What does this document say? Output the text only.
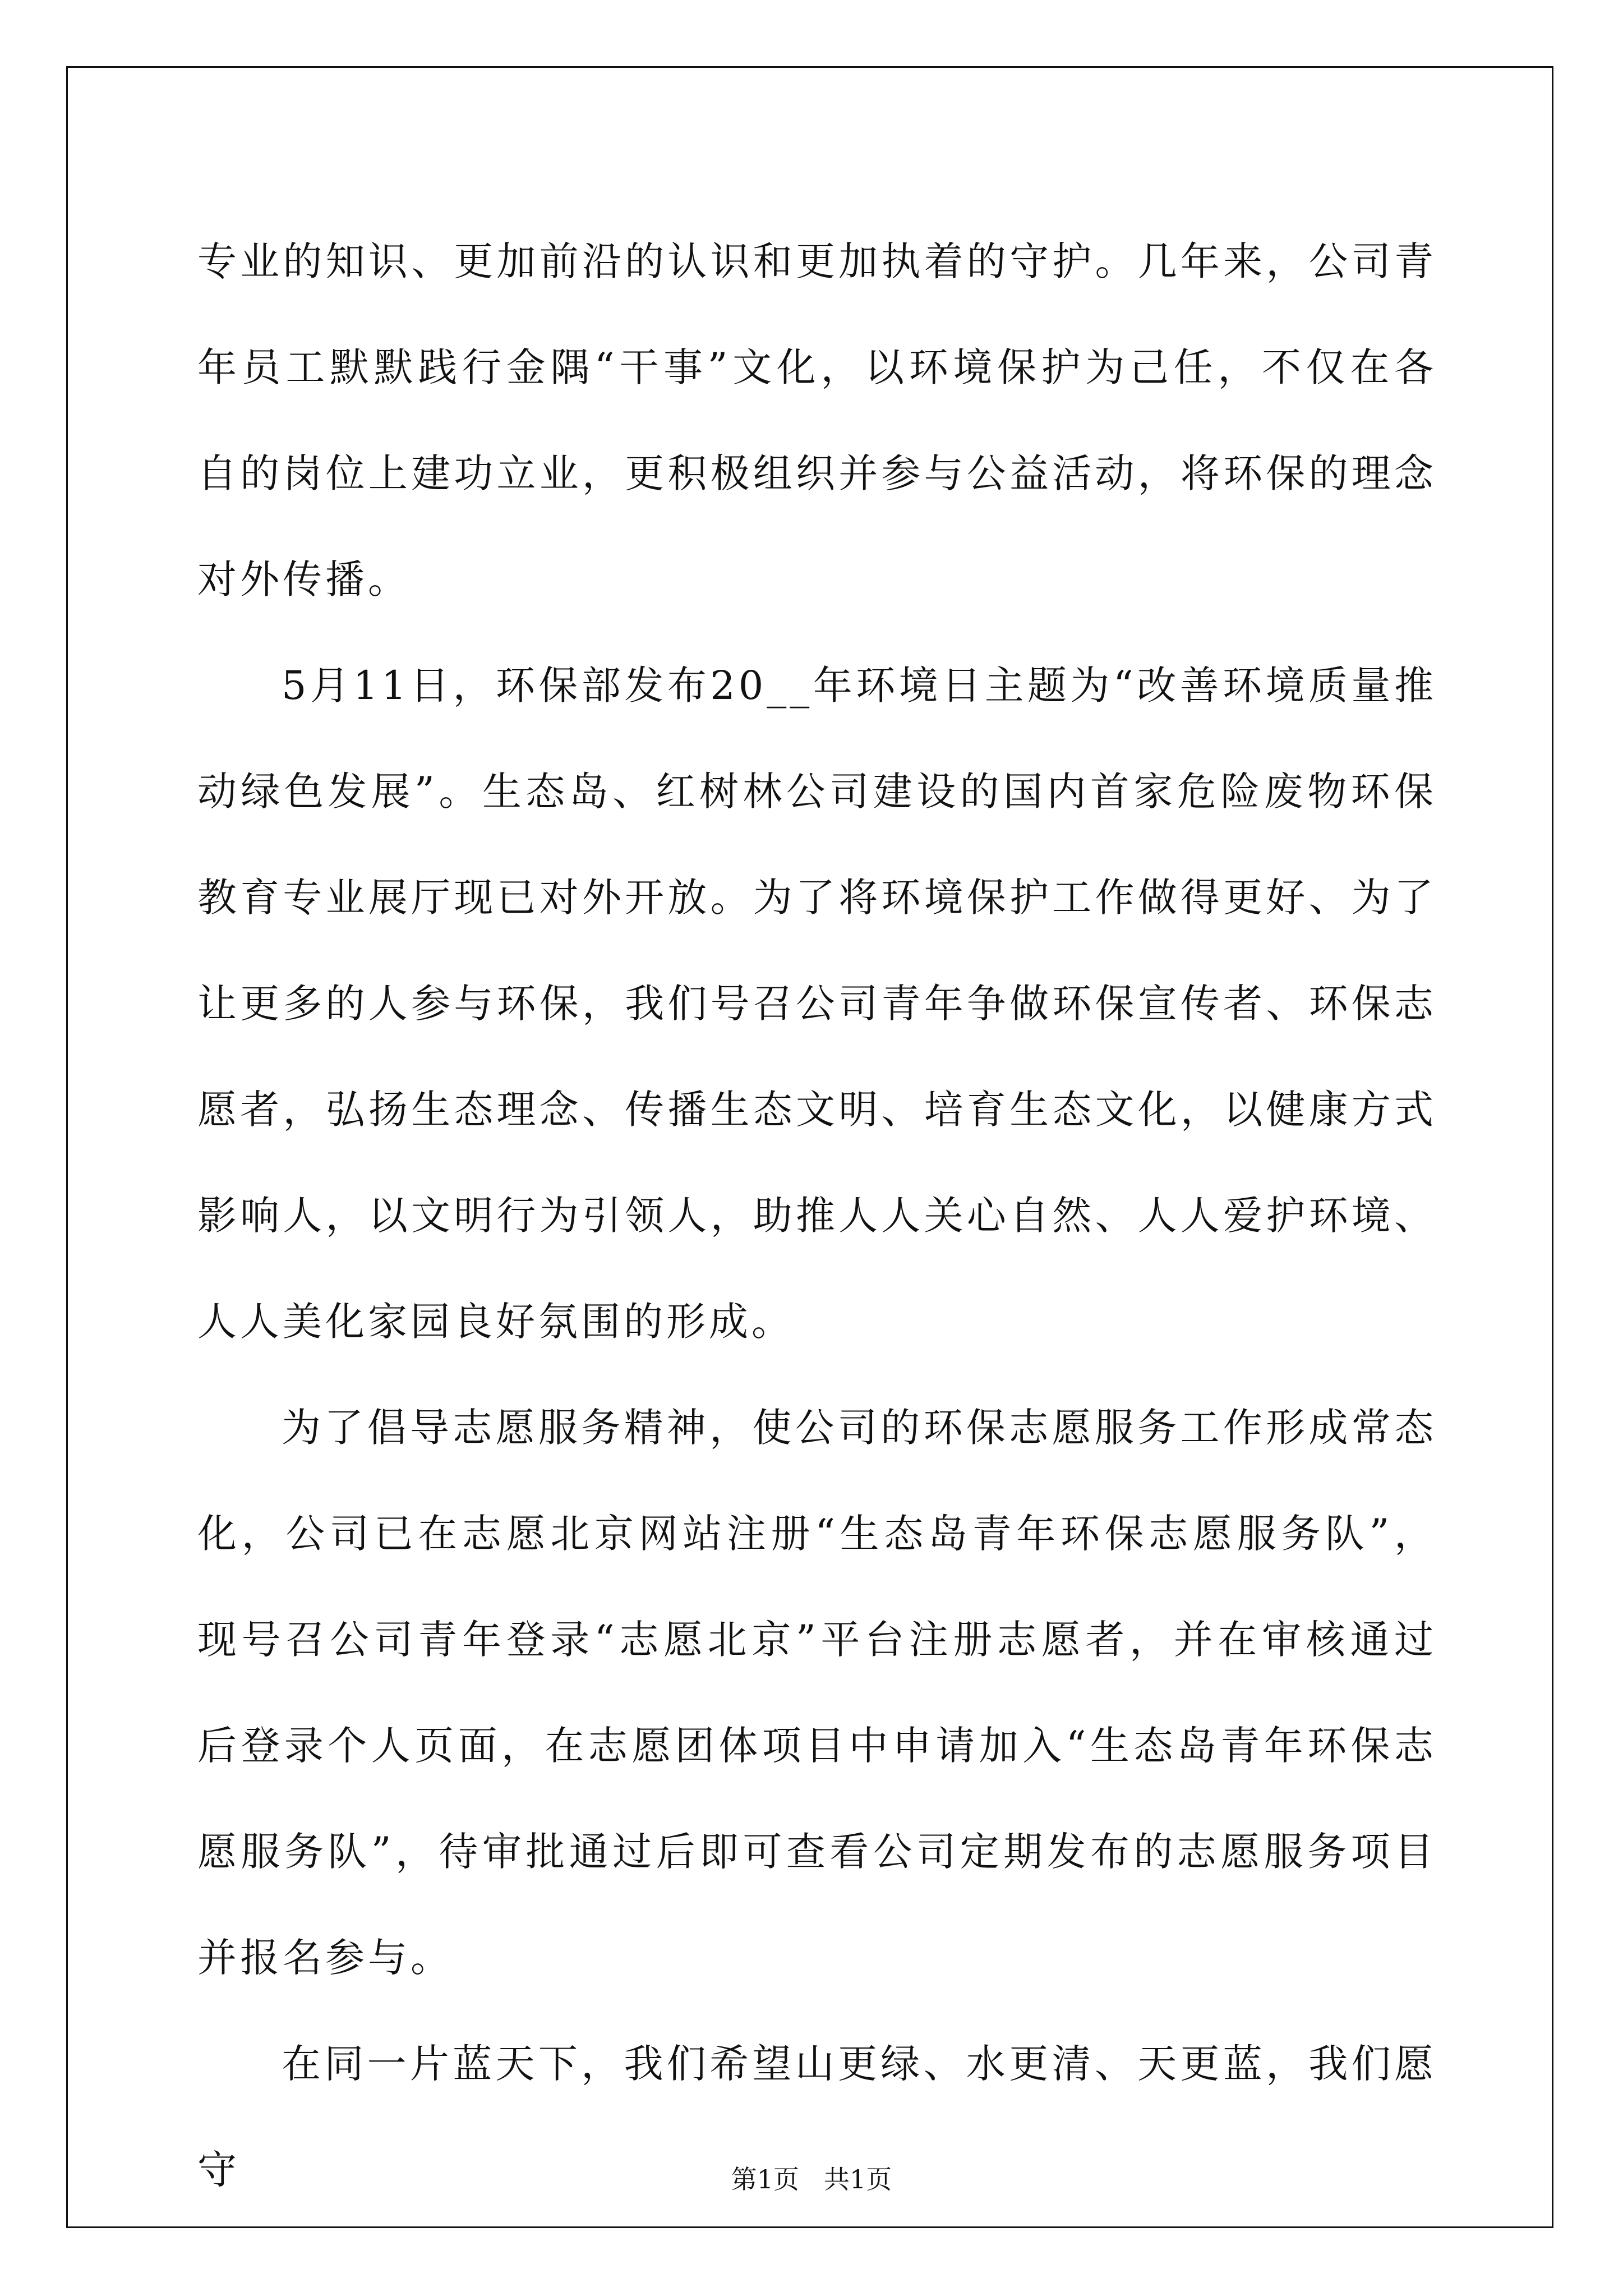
专业的知识、更加前沿的认识和更加执着的守护。几年来，公司青年员工默默践行金隅“干事”文化，以环境保护为己任，不仅在各自的岗位上建功立业，更积极组织并参与公益活动，将环保的理念对外传播。

5月11日，环保部发布20__年环境日主题为“改善环境质量推动绿色发展”。生态岛、红树林公司建设的国内首家危险废物环保教育专业展厅现已对外开放。为了将环境保护工作做得更好、为了让更多的人参与环保，我们号召公司青年争做环保宣传者、环保志愿者，弘扬生态理念、传播生态文明、培育生态文化，以健康方式影响人，以文明行为引领人，助推人人关心自然、人人爱护环境、人人美化家园良好氛围的形成。

为了倡导志愿服务精神，使公司的环保志愿服务工作形成常态化，公司已在志愿北京网站注册“生态岛青年环保志愿服务队”，现号召公司青年登录“志愿北京”平台注册志愿者，并在审核通过后登录个人页面，在志愿团体项目中申请加入“生态岛青年环保志愿服务队”，待审批通过后即可查看公司定期发布的志愿服务项目并报名参与。

在同一片蓝天下，我们希望山更绿、水更清、天更蓝，我们愿守	第1页 共1页
